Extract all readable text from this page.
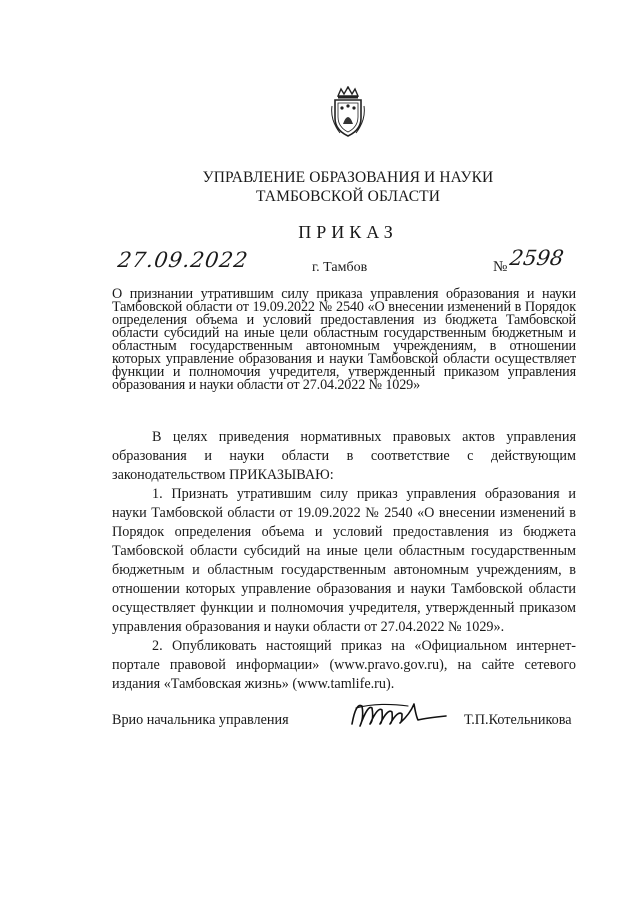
УПРАВЛЕНИЕ ОБРАЗОВАНИЯ И НАУКИ
ТАМБОВСКОЙ ОБЛАСТИ
ПРИКАЗ
27.09.2022	г. Тамбов	№ 2598
О признании утратившим силу приказа управления образования и науки Тамбовской области от 19.09.2022 № 2540 «О внесении изменений в Порядок определения объема и условий предоставления из бюджета Тамбовской области субсидий на иные цели областным государственным бюджетным и областным государственным автономным учреждениям, в отношении которых управление образования и науки Тамбовской области осуществляет функции и полномочия учредителя, утвержденный приказом управления образования и науки области от 27.04.2022 № 1029»

В целях приведения нормативных правовых актов управления образования и науки области в соответствие с действующим законодательством ПРИКАЗЫВАЮ:

1. Признать утратившим силу приказ управления образования и науки Тамбовской области от 19.09.2022 № 2540 «О внесении изменений в Порядок определения объема и условий предоставления из бюджета Тамбовской области субсидий на иные цели областным государственным бюджетным и областным государственным автономным учреждениям, в отношении которых управление образования и науки Тамбовской области осуществляет функции и полномочия учредителя, утвержденный приказом управления образования и науки области от 27.04.2022 № 1029».

2. Опубликовать настоящий приказ на «Официальном интернет-портале правовой информации» (www.pravo.gov.ru), на сайте сетевого издания «Тамбовская жизнь» (www.tamlife.ru).

Врио начальника управления	Т.П.Котельникова
